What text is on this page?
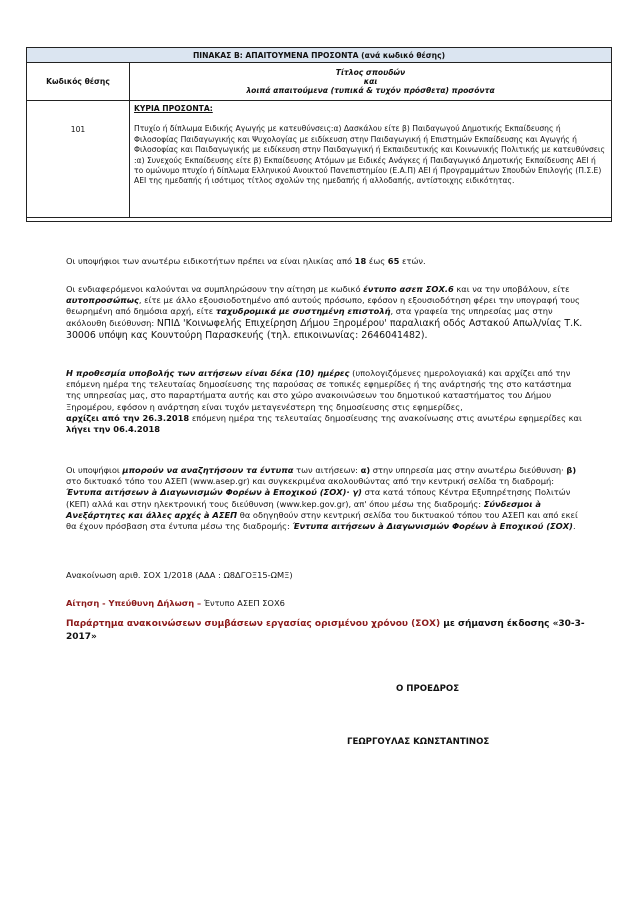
ΠΙΝΑΚΑΣ Β: ΑΠΑΙΤΟΥΜΕΝΑ ΠΡΟΣΟΝΤΑ (ανά κωδικό θέσης)	
Κωδικός θέσης	Τίτλος σπουδών
και
λοιπά απαιτούμενα (τυπικά & τυχόν πρόσθετα) προσόντα

101	ΚΥΡΙΑ ΠΡΟΣΟΝΤΑ:
Πτυχίο ή δίπλωμα Ειδικής Αγωγής με κατευθύνσεις:α) Δασκάλου είτε β) Παιδαγωγού Δημοτικής Εκπαίδευσης ή Φιλοσοφίας Παιδαγωγικής και Ψυχολογίας με ειδίκευση στην Παιδαγωγική ή Επιστημών Εκπαίδευσης και Αγωγής ή Φιλοσοφίας και Παιδαγωγικής με ειδίκευση στην Παιδαγωγική ή Εκπαιδευτικής και Κοινωνικής Πολιτικής με κατευθύνσεις :α) Συνεχούς Εκπαίδευσης είτε β) Εκπαίδευσης Ατόμων με Ειδικές Ανάγκες ή Παιδαγωγικό Δημοτικής Εκπαίδευσης ΑΕΙ ή το ομώνυμο πτυχίο ή δίπλωμα Ελληνικού Ανοικτού Πανεπιστημίου (Ε.Α.Π) ΑΕΙ ή Προγραμμάτων Σπουδών Επιλογής (Π.Σ.Ε) ΑΕΙ της ημεδαπής ή ισότιμος τίτλος σχολών της ημεδαπής ή αλλοδαπής, αντίστοιχης ειδικότητας.

Οι υποψήφιοι των ανωτέρω ειδικοτήτων πρέπει να είναι ηλικίας από 18 έως 65 ετών.
Οι ενδιαφερόμενοι καλούνται να συμπληρώσουν την αίτηση με κωδικό έντυπο ασεπ ΣΟΧ.6 και να την υποβάλουν, είτε αυτοπροσώπως, είτε με άλλο εξουσιοδοτημένο από αυτούς πρόσωπο, εφόσον η εξουσιοδότηση φέρει την υπογραφή τους θεωρημένη από δημόσια αρχή, είτε ταχυδρομικά με συστημένη επιστολή, στα γραφεία της υπηρεσίας μας στην ακόλουθη διεύθυνση: ΝΠΙΔ 'Κοινωφελής Επιχείρηση Δήμου Ξηρομέρου' παραλιακή οδός Αστακού Απωλ/νίας Τ.Κ. 30006 υπόψη κας Κουντούρη Παρασκευής (τηλ. επικοινωνίας: 2646041482).
Η προθεσμία υποβολής των αιτήσεων είναι δέκα (10) ημέρες (υπολογιζόμενες ημερολογιακά) και αρχίζει από την επόμενη ημέρα της τελευταίας δημοσίευσης της παρούσας σε τοπικές εφημερίδες ή της ανάρτησής της στο κατάστημα της υπηρεσίας μας, στο παραρτήματα αυτής και στο χώρο ανακοινώσεων του δημοτικού καταστήματος του Δήμου Ξηρομέρου, εφόσον η ανάρτηση είναι τυχόν μεταγενέστερη της δημοσίευσης στις εφημερίδες,
αρχίζει από την 26.3.2018 επόμενη ημέρα της τελευταίας δημοσίευσης της ανακοίνωσης στις ανωτέρω εφημερίδες και λήγει την 06.4.2018
Οι υποψήφιοι μπορούν να αναζητήσουν τα έντυπα των αιτήσεων: α) στην υπηρεσία μας στην ανωτέρω διεύθυνση· β) στο δικτυακό τόπο του ΑΣΕΠ (www.asep.gr) και συγκεκριμένα ακολουθώντας από την κεντρική σελίδα τη διαδρομή: Έντυπα αιτήσεων à Διαγωνισμών Φορέων à Εποχικού (ΣΟΧ)· γ) στα κατά τόπους Κέντρα Εξυπηρέτησης Πολιτών (ΚΕΠ) αλλά και στην ηλεκτρονική τους διεύθυνση (www.kep.gov.gr), απ' όπου μέσω της διαδρομής: Σύνδεσμοι à Ανεξάρτητες και άλλες αρχές à ΑΣΕΠ θα οδηγηθούν στην κεντρική σελίδα του δικτυακού τόπου του ΑΣΕΠ και από εκεί θα έχουν πρόσβαση στα έντυπα μέσω της διαδρομής: Έντυπα αιτήσεων à Διαγωνισμών Φορέων à Εποχικού (ΣΟΧ).
Ανακοίνωση αριθ. ΣΟΧ 1/2018 (ΑΔΑ : Ω8ΔΓΟΞ15-ΩΜΞ)
Αίτηση - Υπεύθυνη Δήλωση – Έντυπο ΑΣΕΠ ΣΟΧ6
Παράρτημα ανακοινώσεων συμβάσεων εργασίας ορισμένου χρόνου (ΣΟΧ) με σήμανση έκδοσης «30-3-2017»
Ο ΠΡΟΕΔΡΟΣ
ΓΕΩΡΓΟΥΛΑΣ ΚΩΝΣΤΑΝΤΙΝΟΣ
